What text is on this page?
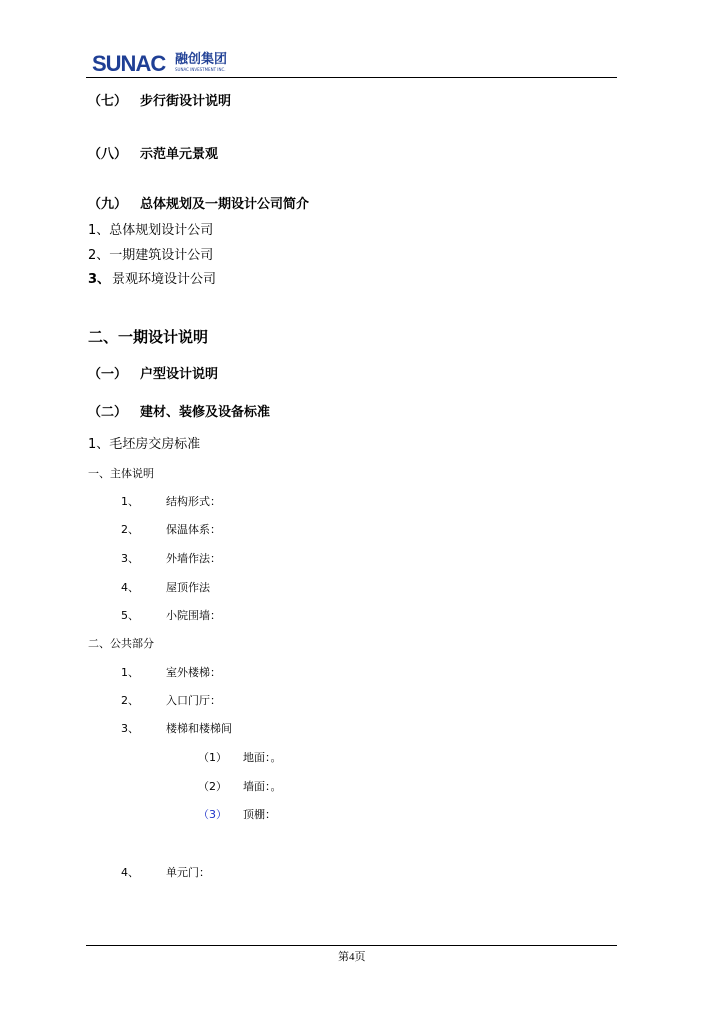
SUNAC 融创集团
SUNAC INVESTMENT INC.
（七） 步行街设计说明
（八） 示范单元景观
（九） 总体规划及一期设计公司简介
1、总体规划设计公司
2、一期建筑设计公司
3、 景观环境设计公司
二、一期设计说明
（一） 户型设计说明
（二） 建材、装修及设备标准
1、毛坯房交房标准
一、主体说明
1、 结构形式：
2、 保温体系：
3、 外墙作法：
4、 屋顶作法
5、 小院围墙：
二、公共部分
1、 室外楼梯：
2、 入口门厅：
3、 楼梯和楼梯间
（1） 地面：。
（2） 墙面：。
（3） 顶棚：
4、 单元门：
第4页
